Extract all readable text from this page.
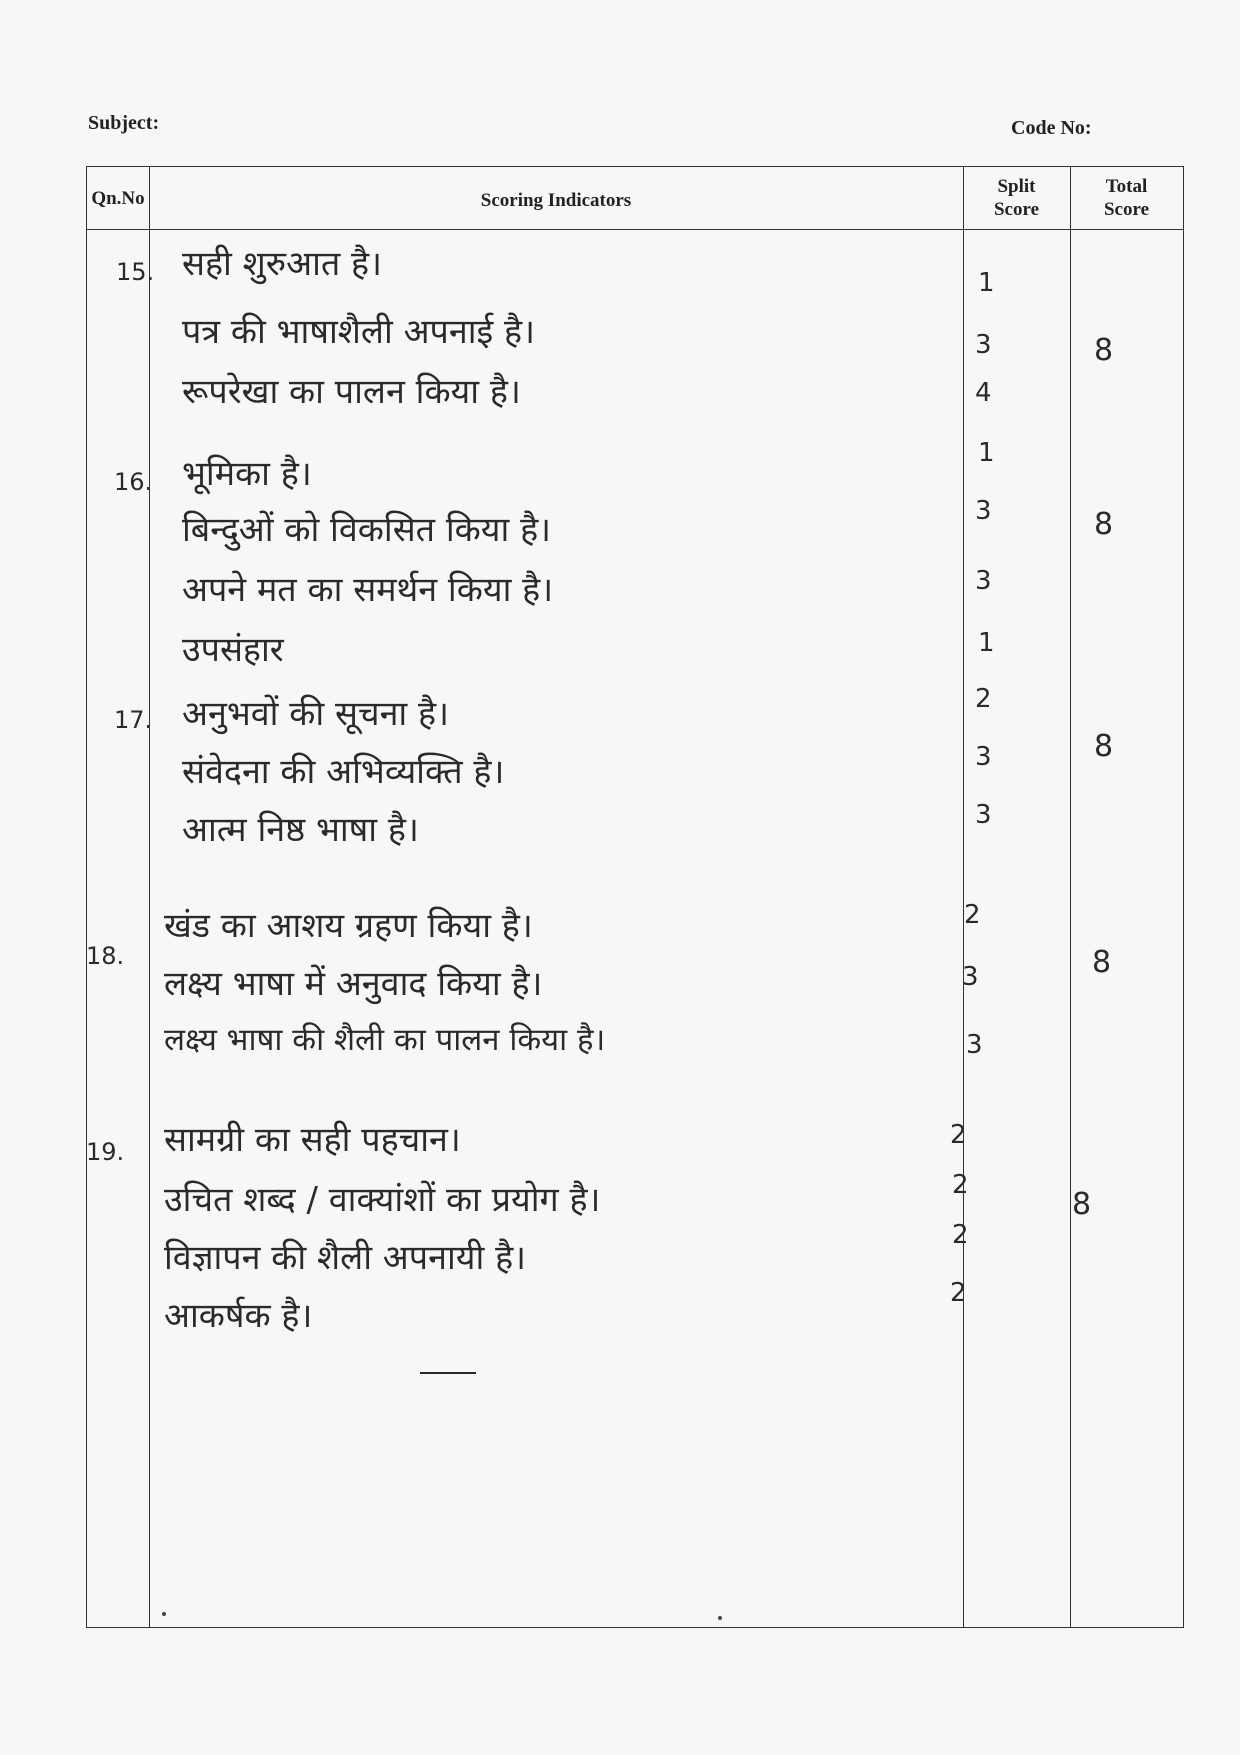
Subject:	Code No:
Qn.No	Scoring Indicators
Split
Score
Total
Score
15. सही शुरुआत है।
पत्र की भाषाशैली अपनाई है।
रूपरेखा का पालन किया है।
1
3
4
8
16. भूमिका है।
बिन्दुओं को विकसित किया है।
अपने मत का समर्थन किया है।
उपसंहार
1
3
3
1
8
17. अनुभवों की सूचना है।
संवेदना की अभिव्यक्ति है।
आत्म निष्ठ भाषा है।
2
3
3
8
18.
खंड का आशय ग्रहण किया है।
लक्ष्य भाषा में अनुवाद किया है।
लक्ष्य भाषा की शैली का पालन किया है।
2
3
3
8
19. सामग्री का सही पहचान।
उचित शब्द / वाक्यांशों का प्रयोग है।
विज्ञापन की शैली अपनायी है।
आकर्षक है।
2
2
2
2
8
